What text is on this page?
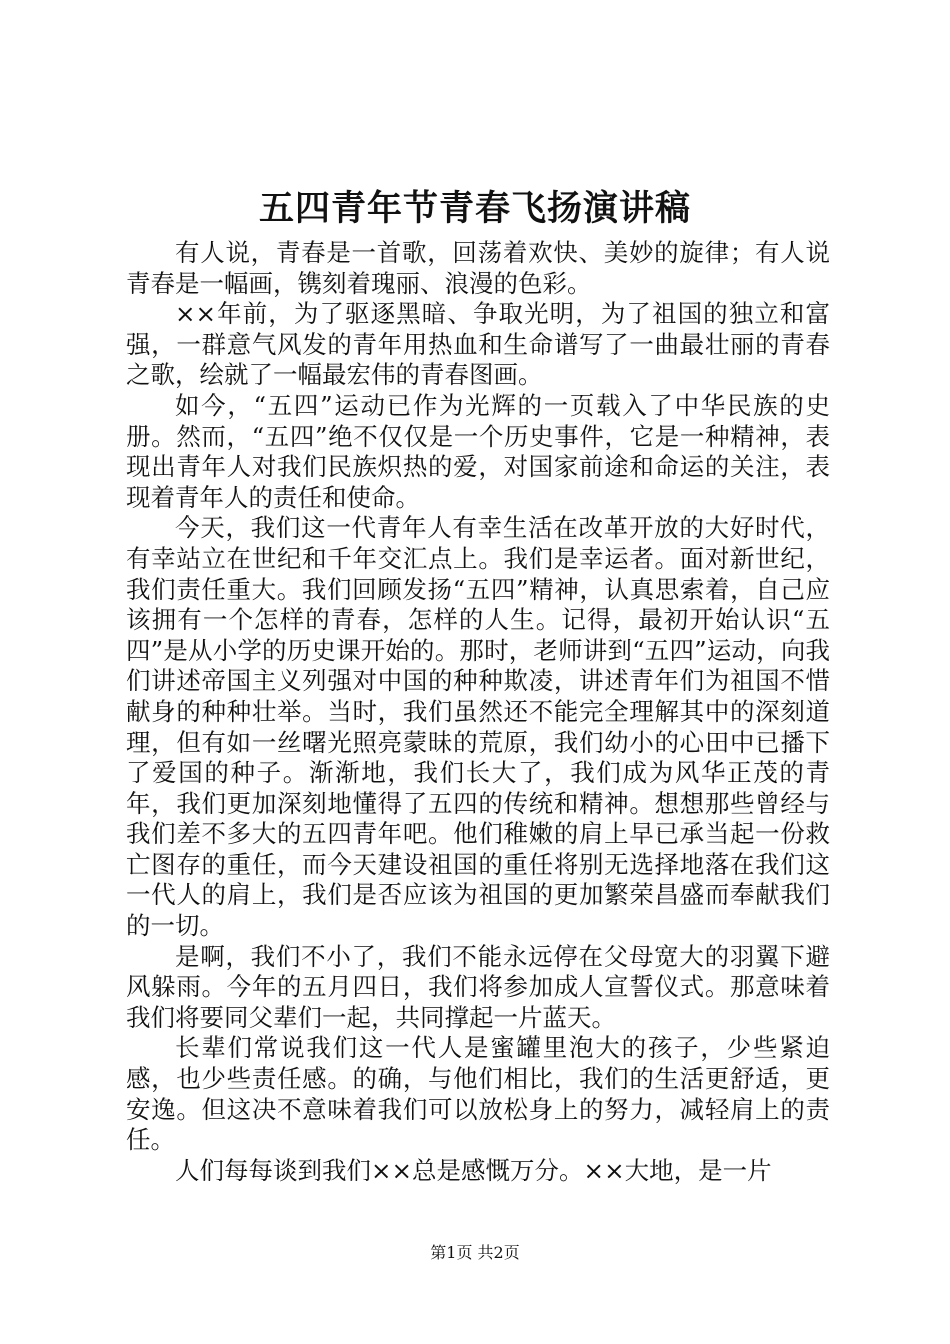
五四青年节青春飞扬演讲稿

有人说，青春是一首歌，回荡着欢快、美妙的旋律；有人说青春是一幅画，镌刻着瑰丽、浪漫的色彩。

××年前，为了驱逐黑暗、争取光明，为了祖国的独立和富强，一群意气风发的青年用热血和生命谱写了一曲最壮丽的青春之歌，绘就了一幅最宏伟的青春图画。

如今，“五四”运动已作为光辉的一页载入了中华民族的史册。然而，“五四”绝不仅仅是一个历史事件，它是一种精神，表现出青年人对我们民族炽热的爱，对国家前途和命运的关注，表现着青年人的责任和使命。

今天，我们这一代青年人有幸生活在改革开放的大好时代，有幸站立在世纪和千年交汇点上。我们是幸运者。面对新世纪，我们责任重大。我们回顾发扬“五四”精神，认真思索着，自己应该拥有一个怎样的青春，怎样的人生。记得，最初开始认识“五四”是从小学的历史课开始的。那时，老师讲到“五四”运动，向我们讲述帝国主义列强对中国的种种欺凌，讲述青年们为祖国不惜献身的种种壮举。当时，我们虽然还不能完全理解其中的深刻道理，但有如一丝曙光照亮蒙昧的荒原，我们幼小的心田中已播下了爱国的种子。渐渐地，我们长大了，我们成为风华正茂的青年，我们更加深刻地懂得了五四的传统和精神。想想那些曾经与我们差不多大的五四青年吧。他们稚嫩的肩上早已承当起一份救亡图存的重任，而今天建设祖国的重任将别无选择地落在我们这一代人的肩上，我们是否应该为祖国的更加繁荣昌盛而奉献我们的一切。

是啊，我们不小了，我们不能永远停在父母宽大的羽翼下避风躲雨。今年的五月四日，我们将参加成人宣誓仪式。那意味着我们将要同父辈们一起，共同撑起一片蓝天。

长辈们常说我们这一代人是蜜罐里泡大的孩子，少些紧迫感，也少些责任感。的确，与他们相比，我们的生活更舒适，更安逸。但这决不意味着我们可以放松身上的努力，减轻肩上的责任。

人们每每谈到我们××总是感慨万分。××大地，是一片

第1页 共2页
